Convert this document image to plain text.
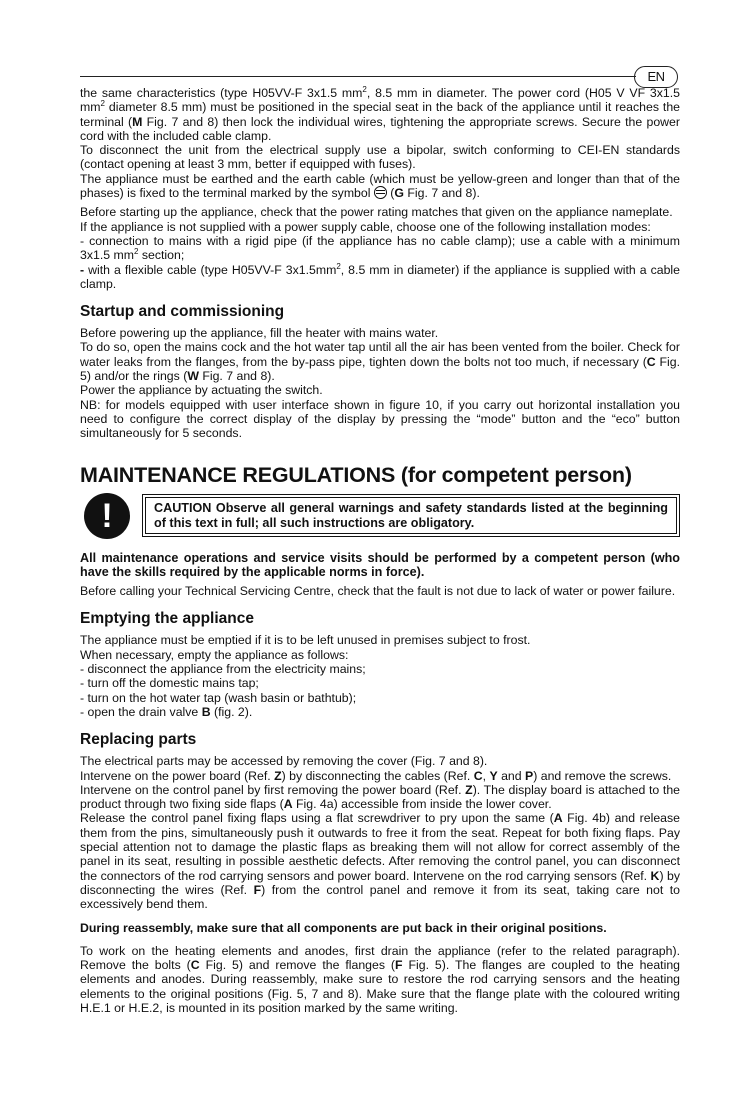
EN

the same characteristics (type H05VV-F 3x1.5 $mm^2$, 8.5 mm in diameter. The power cord (H05 V VF 3x1.5 $mm^2$ diameter 8.5 mm) must be positioned in the special seat in the back of the appliance until it reaches the terminal (M Fig. 7 and 8) then lock the individual wires, tightening the appropriate screws. Secure the power cord with the included cable clamp.

To disconnect the unit from the electrical supply use a bipolar, switch conforming to CEI-EN standards (contact opening at least 3 mm, better if equipped with fuses).

The appliance must be earthed and the earth cable (which must be yellow-green and longer than that of the phases) is fixed to the terminal marked by the symbol  (G Fig. 7 and 8).

Before starting up the appliance, check that the power rating matches that given on the appliance nameplate.

If the appliance is not supplied with a power supply cable, choose one of the following installation modes:

- connection to mains with a rigid pipe (if the appliance has no cable clamp); use a cable with a minimum 3x1.5 $mm^2$ section;

- with a flexible cable (type H05VV-F $3x1.5mm^2$, 8.5 mm in diameter) if the appliance is supplied with a cable clamp.

Startup and commissioning

Before powering up the appliance, fill the heater with mains water.

To do so, open the mains cock and the hot water tap until all the air has been vented from the boiler. Check for water leaks from the flanges, from the by-pass pipe, tighten down the bolts not too much, if necessary (C Fig. 5) and/or the rings (W Fig. 7 and 8).

Power the appliance by actuating the switch.

NB: for models equipped with user interface shown in figure 10, if you carry out horizontal installation you need to configure the correct display of the display by pressing the “mode” button and the “eco” button simultaneously for 5 seconds.

MAINTENANCE REGULATIONS (for competent person)
!	CAUTION Observe all general warnings and safety standards listed at the beginning of this text in full; all such instructions are obligatory.

All maintenance operations and service visits should be performed by a competent person (who have the skills required by the applicable norms in force).

Before calling your Technical Servicing Centre, check that the fault is not due to lack of water or power failure.

Emptying the appliance

The appliance must be emptied if it is to be left unused in premises subject to frost.

When necessary, empty the appliance as follows:

- disconnect the appliance from the electricity mains;

- turn off the domestic mains tap;

- turn on the hot water tap (wash basin or bathtub);

- open the drain valve B (fig. 2).

Replacing parts

The electrical parts may be accessed by removing the cover (Fig. 7 and 8).

Intervene on the power board (Ref. Z) by disconnecting the cables (Ref. C, Y and P) and remove the screws.

Intervene on the control panel by first removing the power board (Ref. Z). The display board is attached to the product through two fixing side flaps (A Fig. 4a) accessible from inside the lower cover.

Release the control panel fixing flaps using a flat screwdriver to pry upon the same (A Fig. 4b) and release them from the pins, simultaneously push it outwards to free it from the seat. Repeat for both fixing flaps. Pay special attention not to damage the plastic flaps as breaking them will not allow for correct assembly of the panel in its seat, resulting in possible aesthetic defects. After removing the control panel, you can disconnect the connectors of the rod carrying sensors and power board. Intervene on the rod carrying sensors (Ref. K) by disconnecting the wires (Ref. F) from the control panel and remove it from its seat, taking care not to excessively bend them.

During reassembly, make sure that all components are put back in their original positions.

To work on the heating elements and anodes, first drain the appliance (refer to the related paragraph). Remove the bolts (C Fig. 5) and remove the flanges (F Fig. 5). The flanges are coupled to the heating elements and anodes. During reassembly, make sure to restore the rod carrying sensors and the heating elements to the original positions (Fig. 5, 7 and 8). Make sure that the flange plate with the coloured writing H.E.1 or H.E.2, is mounted in its position marked by the same writing.
